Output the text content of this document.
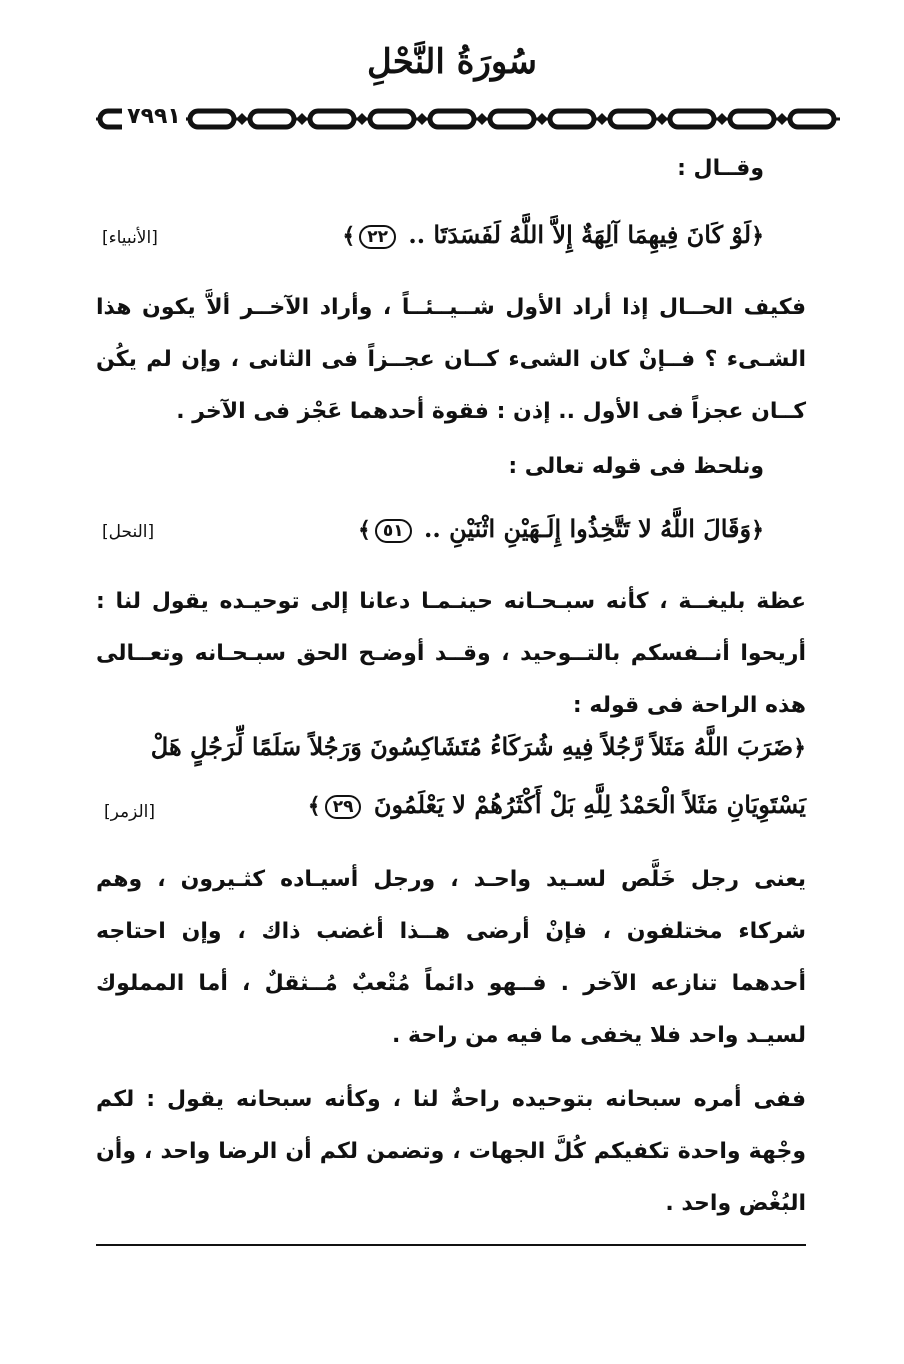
سُورَةُ النَّحْلِ
٧٩٩١
وقــال :
﴿لَوْ كَانَ فِيهِمَا آلِهَةٌ إِلاَّ اللَّهُ لَفَسَدَتَا .. ٢٢﴾
[الأنبياء]
فكيف الحــال إذا أراد الأول شــيــئــاً ، وأراد الآخــر ألاَّ يكون هذا الشـىء ؟ فــإنْ كان الشىء كــان عجــزاً فى الثانى ، وإن لم يكُن كــان عجزاً فى الأول .. إذن : فقوة أحدهما عَجْز فى الآخر .
ونلحظ فى قوله تعالى :
﴿وَقَالَ اللَّهُ لا تَتَّخِذُوا إِلَـهَيْنِ اثْنَيْنِ .. ٥١﴾
[النحل]
عظة بليغــة ، كأنه سبـحـانه حينـمـا دعانا إلى توحيـده يقول لنا : أريحوا أنــفسكم بالتــوحيد ، وقــد أوضـح الحق سبـحـانه وتعــالى هذه الراحة فى قوله :
﴿ضَرَبَ اللَّهُ مَثَلاً رَّجُلاً فِيهِ شُرَكَاءُ مُتَشَاكِسُونَ وَرَجُلاً سَلَمًا لِّرَجُلٍ هَلْ
يَسْتَوِيَانِ مَثَلاً الْحَمْدُ لِلَّهِ بَلْ أَكْثَرُهُمْ لا يَعْلَمُونَ ٢٩﴾
[الزمر]
يعنى رجل خَلَّص لسـيد واحـد ، ورجل أسيـاده كثـيرون ، وهم شركاء مختلفون ، فإنْ أرضى هــذا أغضب ذاك ، وإن احتاجه أحدهما تنازعه الآخر . فــهو دائماً مُتْعبٌ مُــثقلٌ ، أما المملوك لسيـد واحد فلا يخفى ما فيه من راحة .
ففى أمره سبحانه بتوحيده راحةٌ لنا ، وكأنه سبحانه يقول : لكم وجْهة واحدة تكفيكم كُلَّ الجهات ، وتضمن لكم أن الرضا واحد ، وأن البُغْض واحد .
